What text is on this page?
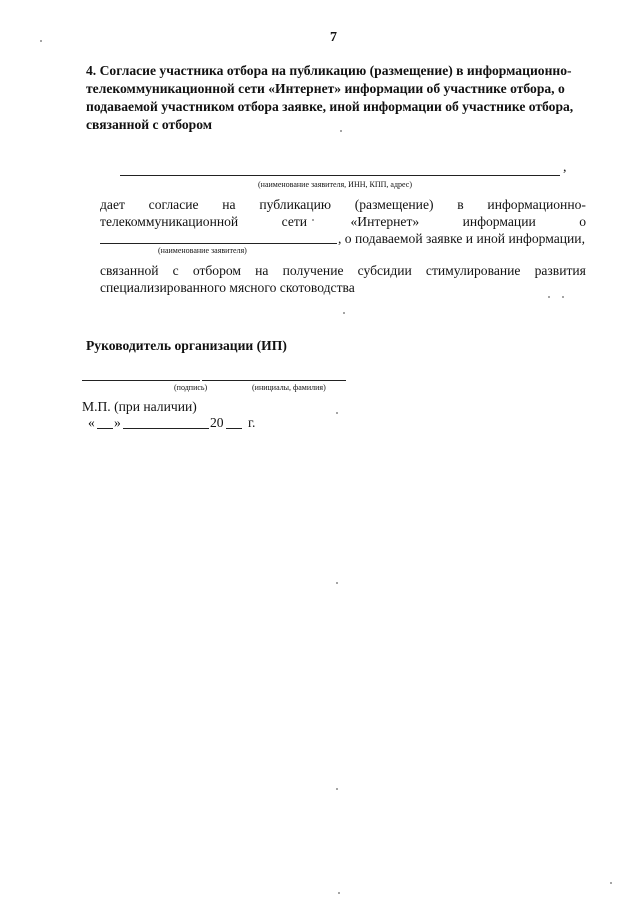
7
4. Согласие участника отбора на публикацию (размещение) в информационно-
телекоммуникационной сети «Интернет» информации об участнике отбора, о
подаваемой участником отбора заявке, иной информации об участнике отбора,
связанной с отбором
,
(наименование заявителя, ИНН, КПП, адрес)
дает согласие на публикацию (размещение) в информационно-
телекоммуникационной	сети	«Интернет»	информации	о
, о подаваемой заявке и иной информации,
(наименование заявителя)
связанной с отбором на получение субсидии стимулирование развития
специализированного мясного скотоводства
Руководитель организации (ИП)
(подпись)	(инициалы, фамилия)
М.П. (при наличии)
« »	20 г.
